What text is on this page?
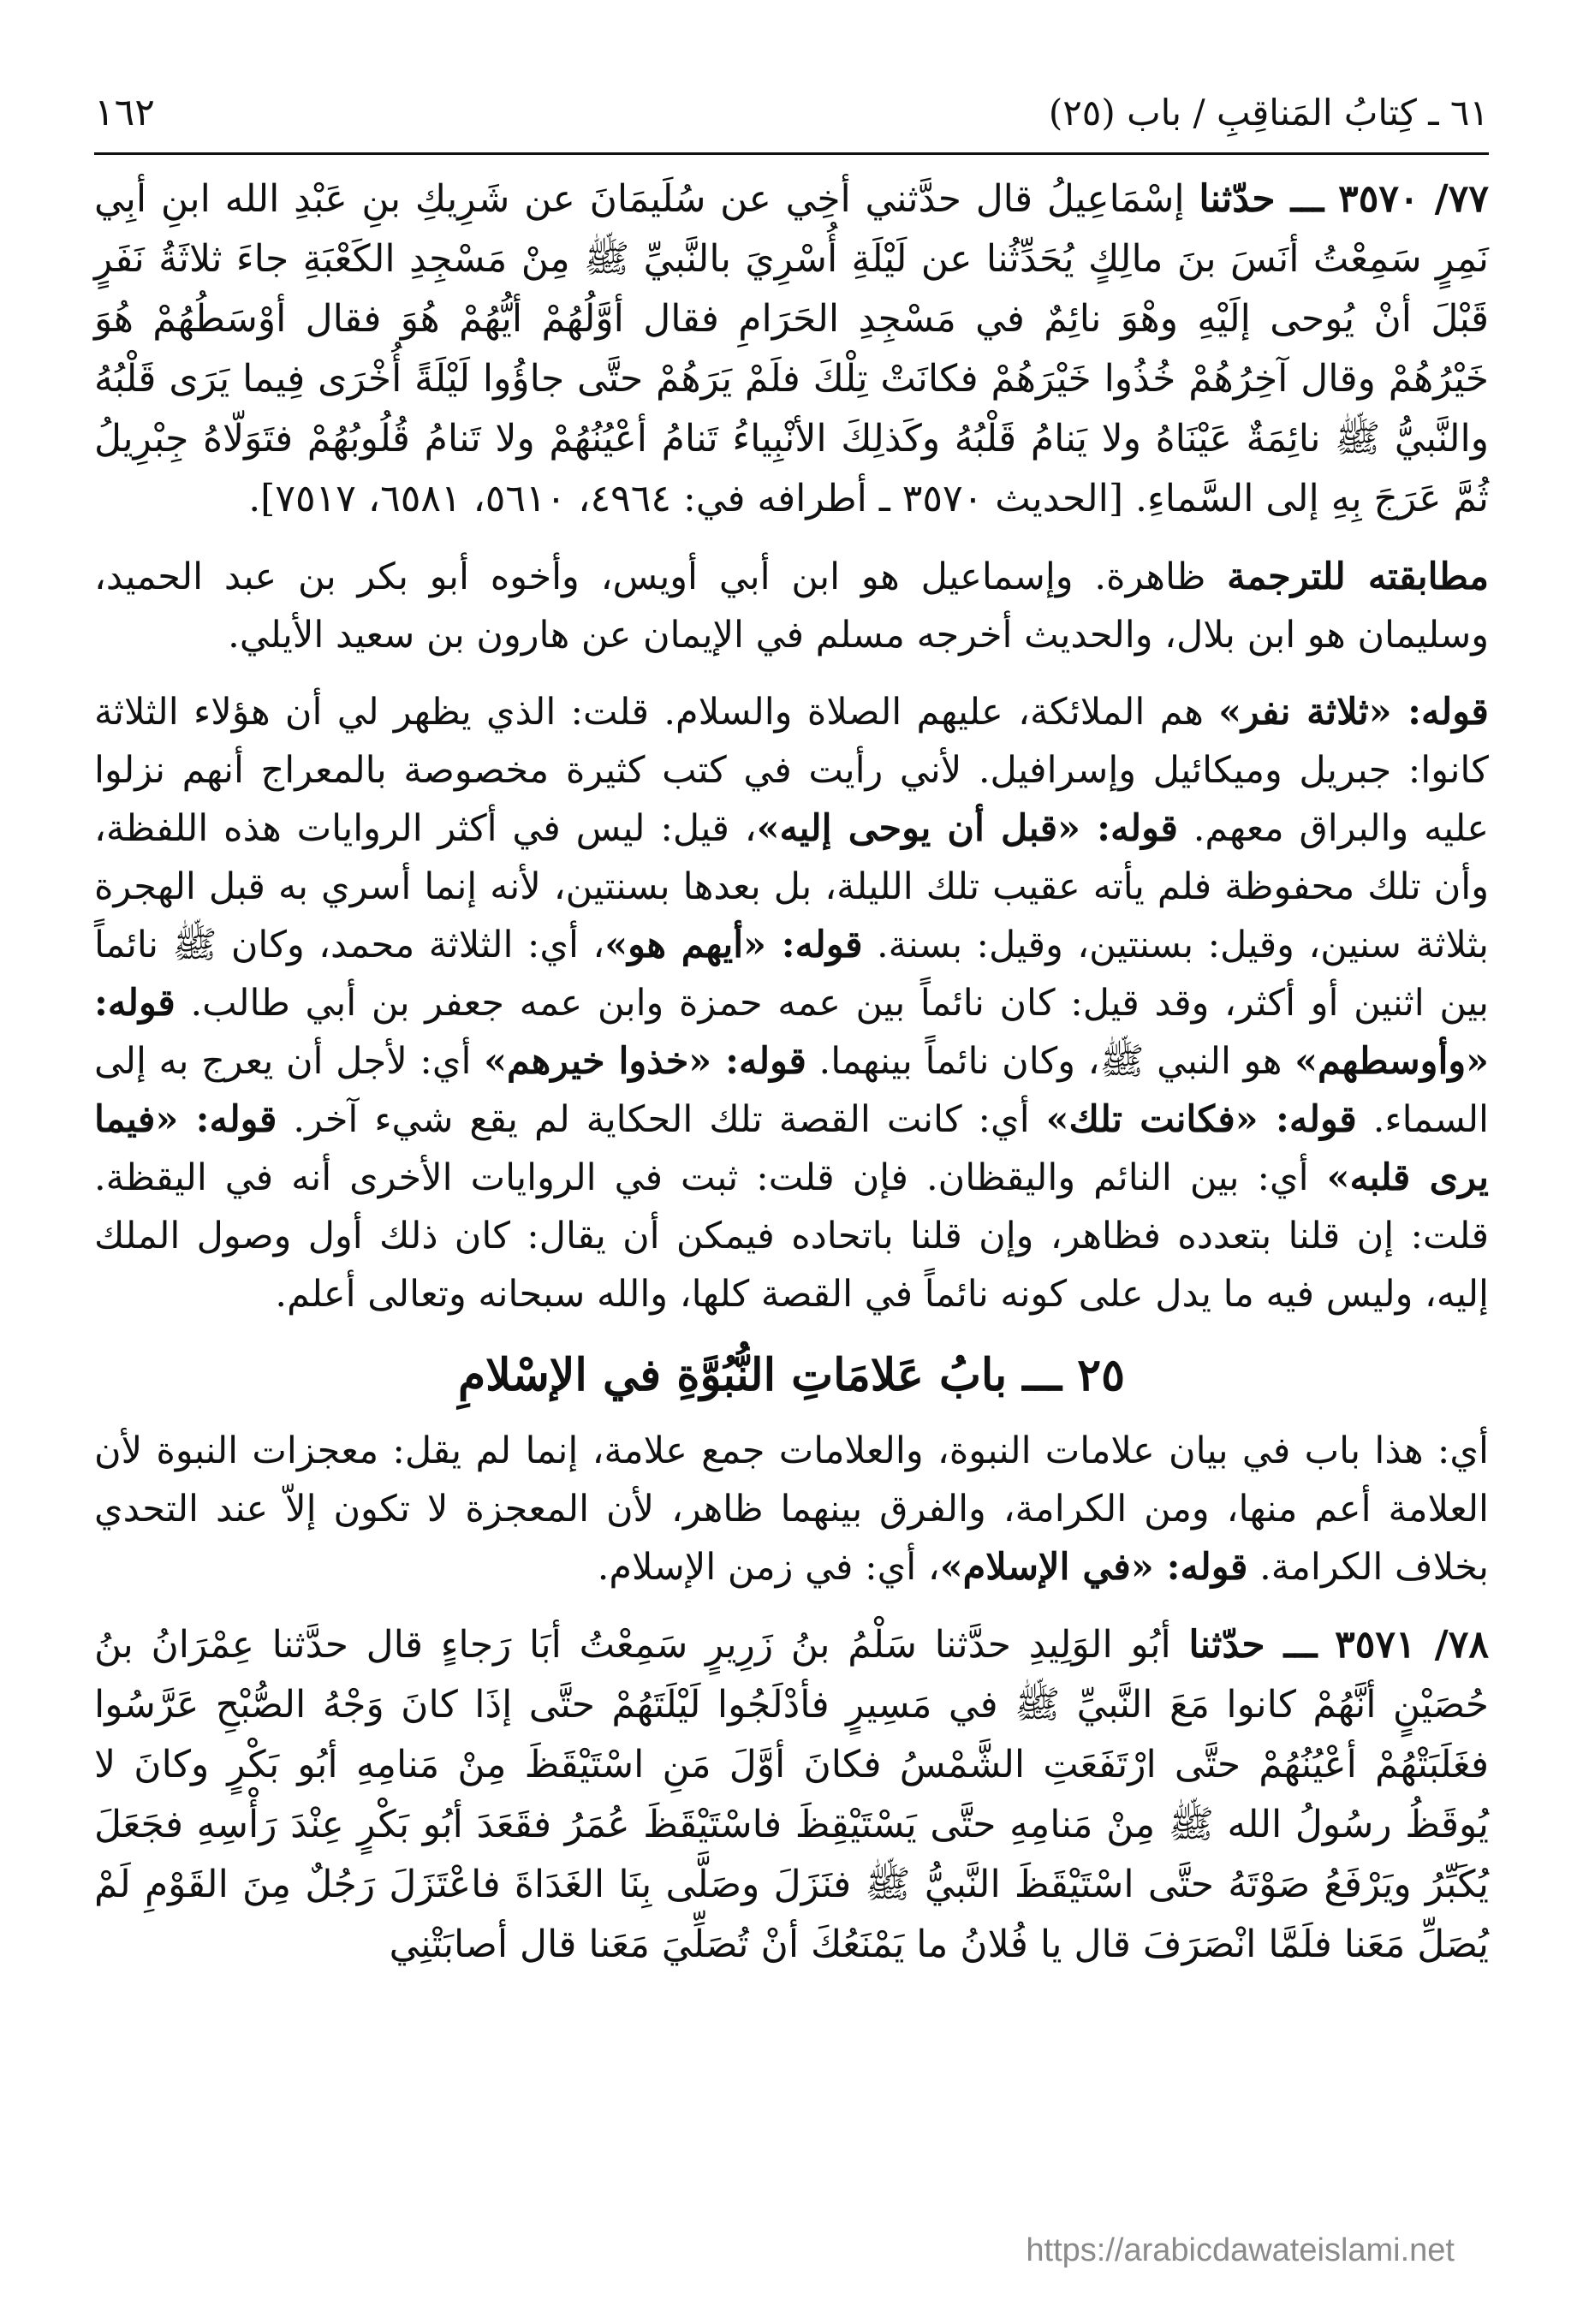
١٦٢	٦١ ـ كِتابُ المَناقِبِ / باب (٢٥)

٧٧/ ٣٥٧٠ ـــ حدّثنا إسْمَاعِيلُ قال حدَّثني أخِي عن سُلَيمَانَ عن شَرِيكِ بنِ عَبْدِ الله ابنِ أبِي نَمِرٍ سَمِعْتُ أنَسَ بنَ مالِكٍ يُحَدِّثُنا عن لَيْلَةِ أُسْرِيَ بالنَّبيِّ ﷺ مِنْ مَسْجِدِ الكَعْبَةِ جاءَ ثلاثَةُ نَفَرٍ قَبْلَ أنْ يُوحى إلَيْهِ وهْوَ نائِمٌ في مَسْجِدِ الحَرَامِ فقال أوَّلُهُمْ أيُّهُمْ هُوَ فقال أوْسَطُهُمْ هُوَ خَيْرُهُمْ وقال آخِرُهُمْ خُذُوا خَيْرَهُمْ فكانَتْ تِلْكَ فلَمْ يَرَهُمْ حتَّى جاؤُوا لَيْلَةً أُخْرَى فِيما يَرَى قَلْبُهُ والنَّبيُّ ﷺ نائِمَةٌ عَيْنَاهُ ولا يَنامُ قَلْبُهُ وكَذلِكَ الأنْبِياءُ تَنامُ أعْيُنُهُمْ ولا تَنامُ قُلُوبُهُمْ فتَوَلّاهُ جِبْرِيلُ ثُمَّ عَرَجَ بِهِ إلى السَّماءِ. [الحديث ٣٥٧٠ ـ أطرافه في: ٤٩٦٤، ٥٦١٠، ٦٥٨١، ٧٥١٧].

مطابقته للترجمة ظاهرة. وإسماعيل هو ابن أبي أويس، وأخوه أبو بكر بن عبد الحميد، وسليمان هو ابن بلال، والحديث أخرجه مسلم في الإيمان عن هارون بن سعيد الأيلي.

قوله: «ثلاثة نفر» هم الملائكة، عليهم الصلاة والسلام. قلت: الذي يظهر لي أن هؤلاء الثلاثة كانوا: جبريل وميكائيل وإسرافيل. لأني رأيت في كتب كثيرة مخصوصة بالمعراج أنهم نزلوا عليه والبراق معهم. قوله: «قبل أن يوحى إليه»، قيل: ليس في أكثر الروايات هذه اللفظة، وأن تلك محفوظة فلم يأته عقيب تلك الليلة، بل بعدها بسنتين، لأنه إنما أسري به قبل الهجرة بثلاثة سنين، وقيل: بسنتين، وقيل: بسنة. قوله: «أيهم هو»، أي: الثلاثة محمد، وكان ﷺ نائماً بين اثنين أو أكثر، وقد قيل: كان نائماً بين عمه حمزة وابن عمه جعفر بن أبي طالب. قوله: «وأوسطهم» هو النبي ﷺ، وكان نائماً بينهما. قوله: «خذوا خيرهم» أي: لأجل أن يعرج به إلى السماء. قوله: «فكانت تلك» أي: كانت القصة تلك الحكاية لم يقع شيء آخر. قوله: «فيما يرى قلبه» أي: بين النائم واليقظان. فإن قلت: ثبت في الروايات الأخرى أنه في اليقظة. قلت: إن قلنا بتعدده فظاهر، وإن قلنا باتحاده فيمكن أن يقال: كان ذلك أول وصول الملك إليه، وليس فيه ما يدل على كونه نائماً في القصة كلها، والله سبحانه وتعالى أعلم.

٢٥ ـــ بابُ عَلامَاتِ النُّبُوَّةِ في الإسْلامِ

أي: هذا باب في بيان علامات النبوة، والعلامات جمع علامة، إنما لم يقل: معجزات النبوة لأن العلامة أعم منها، ومن الكرامة، والفرق بينهما ظاهر، لأن المعجزة لا تكون إلاّ عند التحدي بخلاف الكرامة. قوله: «في الإسلام»، أي: في زمن الإسلام.

٧٨/ ٣٥٧١ ـــ حدّثنا أبُو الوَلِيدِ حدَّثنا سَلْمُ بنُ زَرِيرٍ سَمِعْتُ أبَا رَجاءٍ قال حدَّثنا عِمْرَانُ بنُ حُصَيْنٍ أنَّهُمْ كانوا مَعَ النَّبيِّ ﷺ في مَسِيرٍ فأدْلَجُوا لَيْلَتَهُمْ حتَّى إذَا كانَ وَجْهُ الصُّبْحِ عَرَّسُوا فغَلَبَتْهُمْ أعْيُنُهُمْ حتَّى ارْتَفَعَتِ الشَّمْسُ فكانَ أوَّلَ مَنِ اسْتَيْقَظَ مِنْ مَنامِهِ أبُو بَكْرٍ وكانَ لا يُوقَظُ رسُولُ الله ﷺ مِنْ مَنامِهِ حتَّى يَسْتَيْقِظَ فاسْتَيْقَظَ عُمَرُ فقَعَدَ أبُو بَكْرٍ عِنْدَ رَأْسِهِ فجَعَلَ يُكَبِّرُ ويَرْفَعُ صَوْتَهُ حتَّى اسْتَيْقَظَ النَّبيُّ ﷺ فنَزَلَ وصَلَّى بِنَا الغَدَاةَ فاعْتَزَلَ رَجُلٌ مِنَ القَوْمِ لَمْ يُصَلِّ مَعَنا فلَمَّا انْصَرَفَ قال يا فُلانُ ما يَمْنَعُكَ أنْ تُصَلِّيَ مَعَنا قال أصابَتْنِي

https://arabicdawateislami.net
